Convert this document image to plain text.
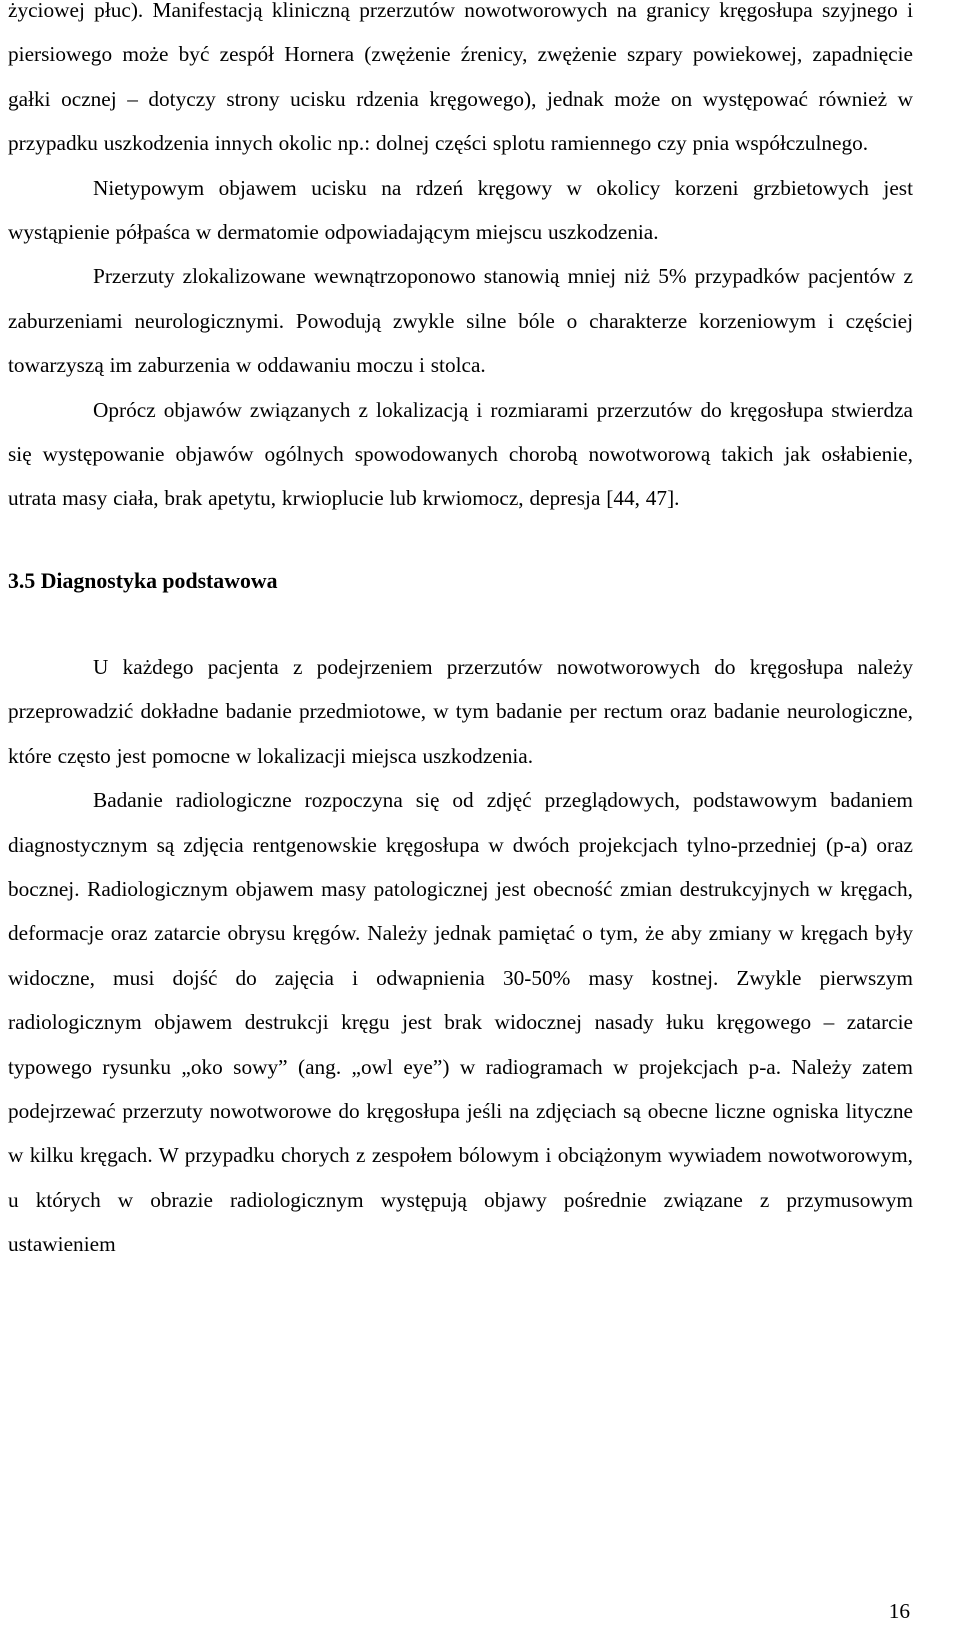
życiowej płuc). Manifestacją kliniczną przerzutów nowotworowych na granicy kręgosłupa szyjnego i piersiowego może być zespół Hornera (zwężenie źrenicy, zwężenie szpary powiekowej, zapadnięcie gałki ocznej – dotyczy strony ucisku rdzenia kręgowego), jednak może on występować również w przypadku uszkodzenia innych okolic np.: dolnej części splotu ramiennego czy pnia współczulnego.

Nietypowym objawem ucisku na rdzeń kręgowy w okolicy korzeni grzbietowych jest wystąpienie półpaśca w dermatomie odpowiadającym miejscu uszkodzenia.

Przerzuty zlokalizowane wewnątrzoponowo stanowią mniej niż 5% przypadków pacjentów z zaburzeniami neurologicznymi. Powodują zwykle silne bóle o charakterze korzeniowym i częściej towarzyszą im zaburzenia w oddawaniu moczu i stolca.

Oprócz objawów związanych z lokalizacją i rozmiarami przerzutów do kręgosłupa stwierdza się występowanie objawów ogólnych spowodowanych chorobą nowotworową takich jak osłabienie, utrata masy ciała, brak apetytu, krwioplucie lub krwiomocz, depresja [44, 47].

3.5 Diagnostyka podstawowa

U każdego pacjenta z podejrzeniem przerzutów nowotworowych do kręgosłupa należy przeprowadzić dokładne badanie przedmiotowe, w tym badanie per rectum oraz badanie neurologiczne, które często jest pomocne w lokalizacji miejsca uszkodzenia.

Badanie radiologiczne rozpoczyna się od zdjęć przeglądowych, podstawowym badaniem diagnostycznym są zdjęcia rentgenowskie kręgosłupa w dwóch projekcjach tylno-przedniej (p-a) oraz bocznej. Radiologicznym objawem masy patologicznej jest obecność zmian destrukcyjnych w kręgach, deformacje oraz zatarcie obrysu kręgów. Należy jednak pamiętać o tym, że aby zmiany w kręgach były widoczne, musi dojść do zajęcia i odwapnienia 30-50% masy kostnej. Zwykle pierwszym radiologicznym objawem destrukcji kręgu jest brak widocznej nasady łuku kręgowego – zatarcie typowego rysunku „oko sowy” (ang. „owl eye”) w radiogramach w projekcjach p-a. Należy zatem podejrzewać przerzuty nowotworowe do kręgosłupa jeśli na zdjęciach są obecne liczne ogniska lityczne w kilku kręgach. W przypadku chorych z zespołem bólowym i obciążonym wywiadem nowotworowym, u których w obrazie radiologicznym występują objawy pośrednie związane z przymusowym ustawieniem

16
